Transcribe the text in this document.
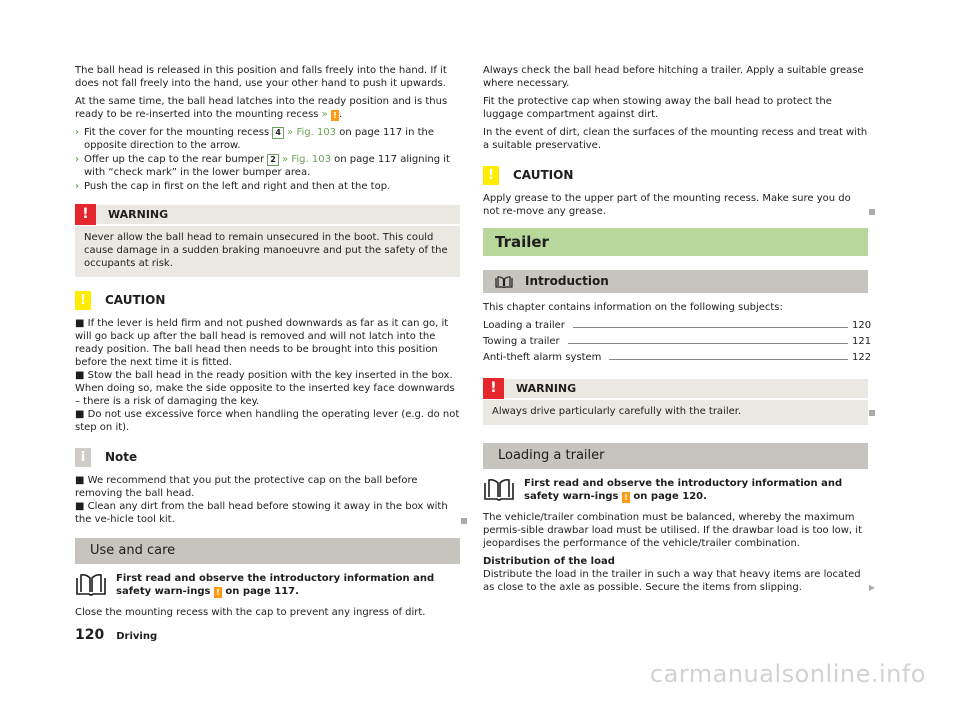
The ball head is released in this position and falls freely into the hand. If it does not fall freely into the hand, use your other hand to push it upwards.

At the same time, the ball head latches into the ready position and is thus ready to be re-inserted into the mounting recess » ! .

› Fit the cover for the mounting recess 4 » Fig. 103 on page 117 in the opposite direction to the arrow.
› Offer up the cap to the rear bumper 2 » Fig. 103 on page 117 aligning it with “check mark” in the lower bumper area.
› Push the cap in first on the left and right and then at the top.
!	WARNING
Never allow the ball head to remain unsecured in the boot. This could cause damage in a sudden braking manoeuvre and put the safety of the occupants at risk.
!	CAUTION

■ If the lever is held firm and not pushed downwards as far as it can go, it will go back up after the ball head is removed and will not latch into the ready position. The ball head then needs to be brought into this position before the next time it is fitted.

■ Stow the ball head in the ready position with the key inserted in the box. When doing so, make the side opposite to the inserted key face downwards – there is a risk of damaging the key.

■ Do not use excessive force when handling the operating lever (e.g. do not step on it).

i	Note

■ We recommend that you put the protective cap on the ball before removing the ball head.

■ Clean any dirt from the ball head before stowing it away in the box with the ve-hicle tool kit.

Use and care
First read and observe the introductory information and safety warn-ings ! on page 117.

Close the mounting recess with the cap to prevent any ingress of dirt.

Always check the ball head before hitching a trailer. Apply a suitable grease where necessary.

Fit the protective cap when stowing away the ball head to protect the luggage compartment against dirt.

In the event of dirt, clean the surfaces of the mounting recess and treat with a suitable preservative.

!	CAUTION

Apply grease to the upper part of the mounting recess. Make sure you do not re-move any grease.

Trailer
Introduction

This chapter contains information on the following subjects:

Loading a trailer	120
Towing a trailer	121
Anti-theft alarm system	122
!	WARNING
Always drive particularly carefully with the trailer.
Loading a trailer
First read and observe the introductory information and safety warn-ings ! on page 120.

The vehicle/trailer combination must be balanced, whereby the maximum permis-sible drawbar load must be utilised. If the drawbar load is too low, it jeopardises the performance of the vehicle/trailer combination.

Distribution of the load

Distribute the load in the trailer in such a way that heavy items are located as close to the axle as possible. Secure the items from slipping.	▶

120 Driving
carmanualsonline.info
